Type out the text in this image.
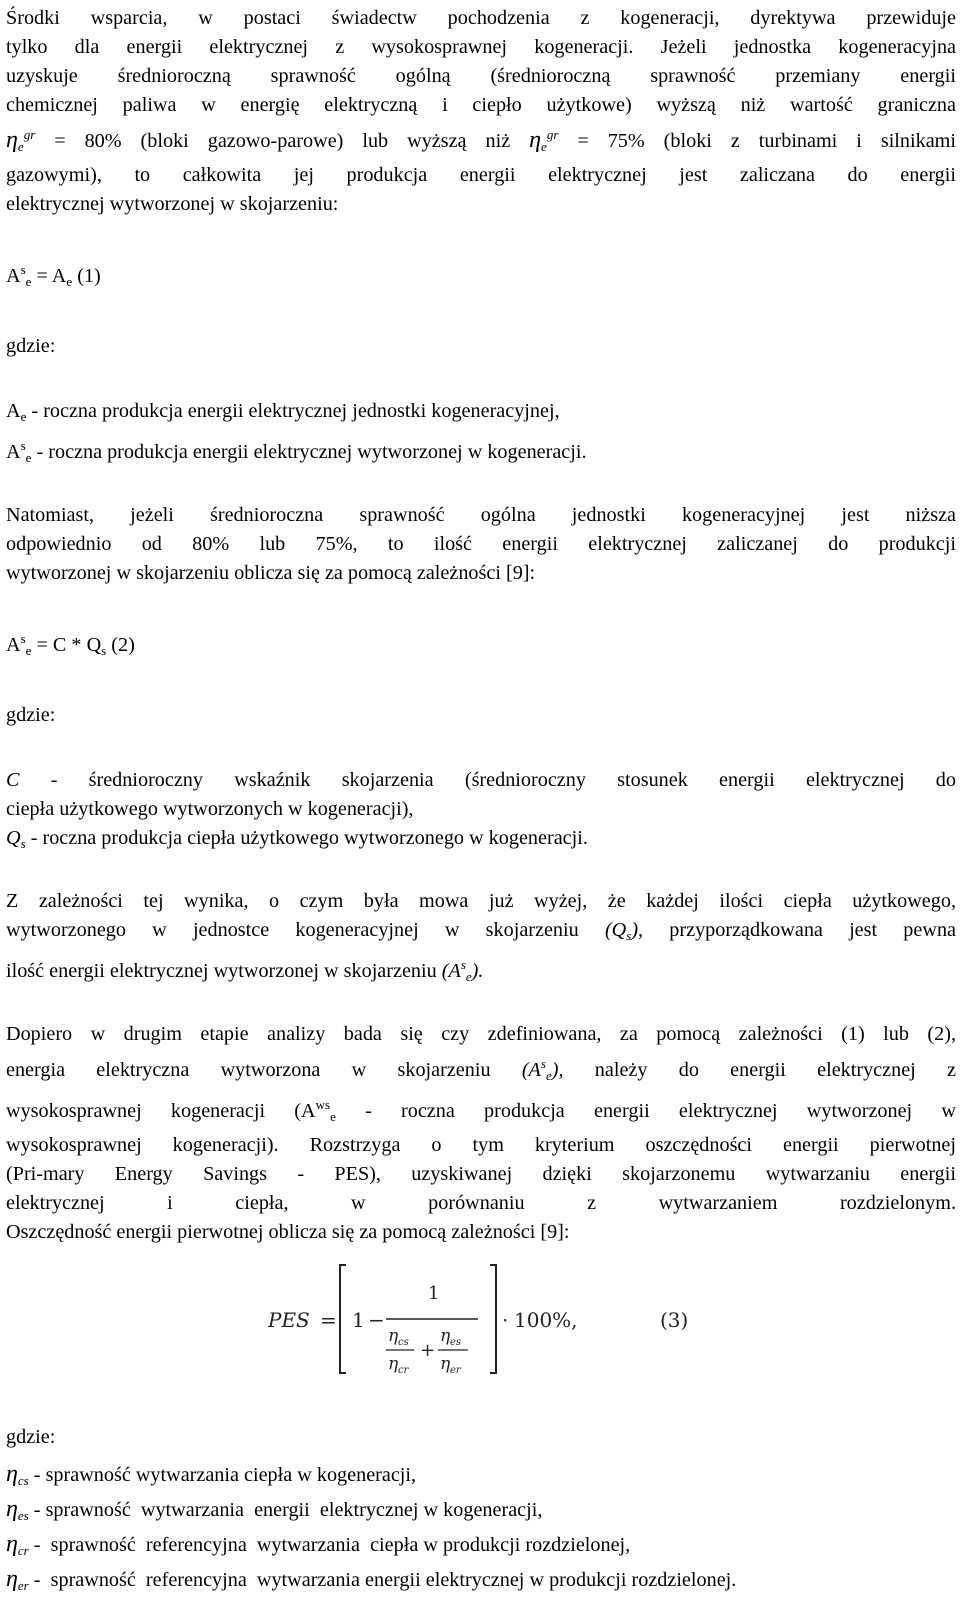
Środki wsparcia, w postaci świadectw pochodzenia z kogeneracji, dyrektywa przewiduje

tylko dla energii elektrycznej z wysokosprawnej kogeneracji. Jeżeli jednostka kogeneracyjna

uzyskuje średnioroczną sprawność ogólną (średnioroczną sprawność przemiany energii

chemicznej paliwa w energię elektryczną i ciepło użytkowe) wyższą niż wartość graniczna

$\eta e^{gr} = 80\%$ (bloki gazowo-parowe) lub wyższą niż $\eta e^{gr} = 75\%$ (bloki z turbinami i silnikami

gazowymi), to całkowita jej produkcja energii elektrycznej jest zaliczana do energii

elektrycznej wytworzonej w skojarzeniu:

$A^se = Ae$ (1)

gdzie:

Ae - roczna produkcja energii elektrycznej jednostki kogeneracyjnej,

$A^se$ - roczna produkcja energii elektrycznej wytworzonej w kogeneracji.

Natomiast, jeżeli średnioroczna sprawność ogólna jednostki kogeneracyjnej jest niższa

odpowiednio od 80% lub 75%, to ilość energii elektrycznej zaliczanej do produkcji

wytworzonej w skojarzeniu oblicza się za pomocą zależności [9]:

$A^se = C * Qs$ (2)

gdzie:

C - średnioroczny wskaźnik skojarzenia (średnioroczny stosunek energii elektrycznej do

ciepła użytkowego wytworzonych w kogeneracji),

Qs - roczna produkcja ciepła użytkowego wytworzonego w kogeneracji.

Z zależności tej wynika, o czym była mowa już wyżej, że każdej ilości ciepła użytkowego,

wytworzonego w jednostce kogeneracyjnej w skojarzeniu (Qs), przyporządkowana jest pewna

ilość energii elektrycznej wytworzonej w skojarzeniu $(A^se)$.

Dopiero w drugim etapie analizy bada się czy zdefiniowana, za pomocą zależności (1) lub (2),

energia elektryczna wytworzona w skojarzeniu $(A^se)$, należy do energii elektrycznej z

wysokosprawnej kogeneracji ($A^{ws}e$ - roczna produkcja energii elektrycznej wytworzonej w

wysokosprawnej kogeneracji). Rozstrzyga o tym kryterium oszczędności energii pierwotnej

(Pri-mary Energy Savings - PES), uzyskiwanej dzięki skojarzonemu wytwarzaniu energii

elektrycznej i ciepła, w porównaniu z wytwarzaniem rozdzielonym.

Oszczędność energii pierwotnej oblicza się za pomocą zależności [9]:

PES = 1 −
1
η cs
η cr
+
η es
η er
· 100%,	(3)

gdzie:

ηcs - sprawność wytwarzania ciepła w kogeneracji,

ηes - sprawność  wytwarzania  energii  elektrycznej w kogeneracji,

ηcr -  sprawność  referencyjna  wytwarzania  ciepła w produkcji rozdzielonej,

ηer -  sprawność  referencyjna  wytwarzania energii elektrycznej w produkcji rozdzielonej.
